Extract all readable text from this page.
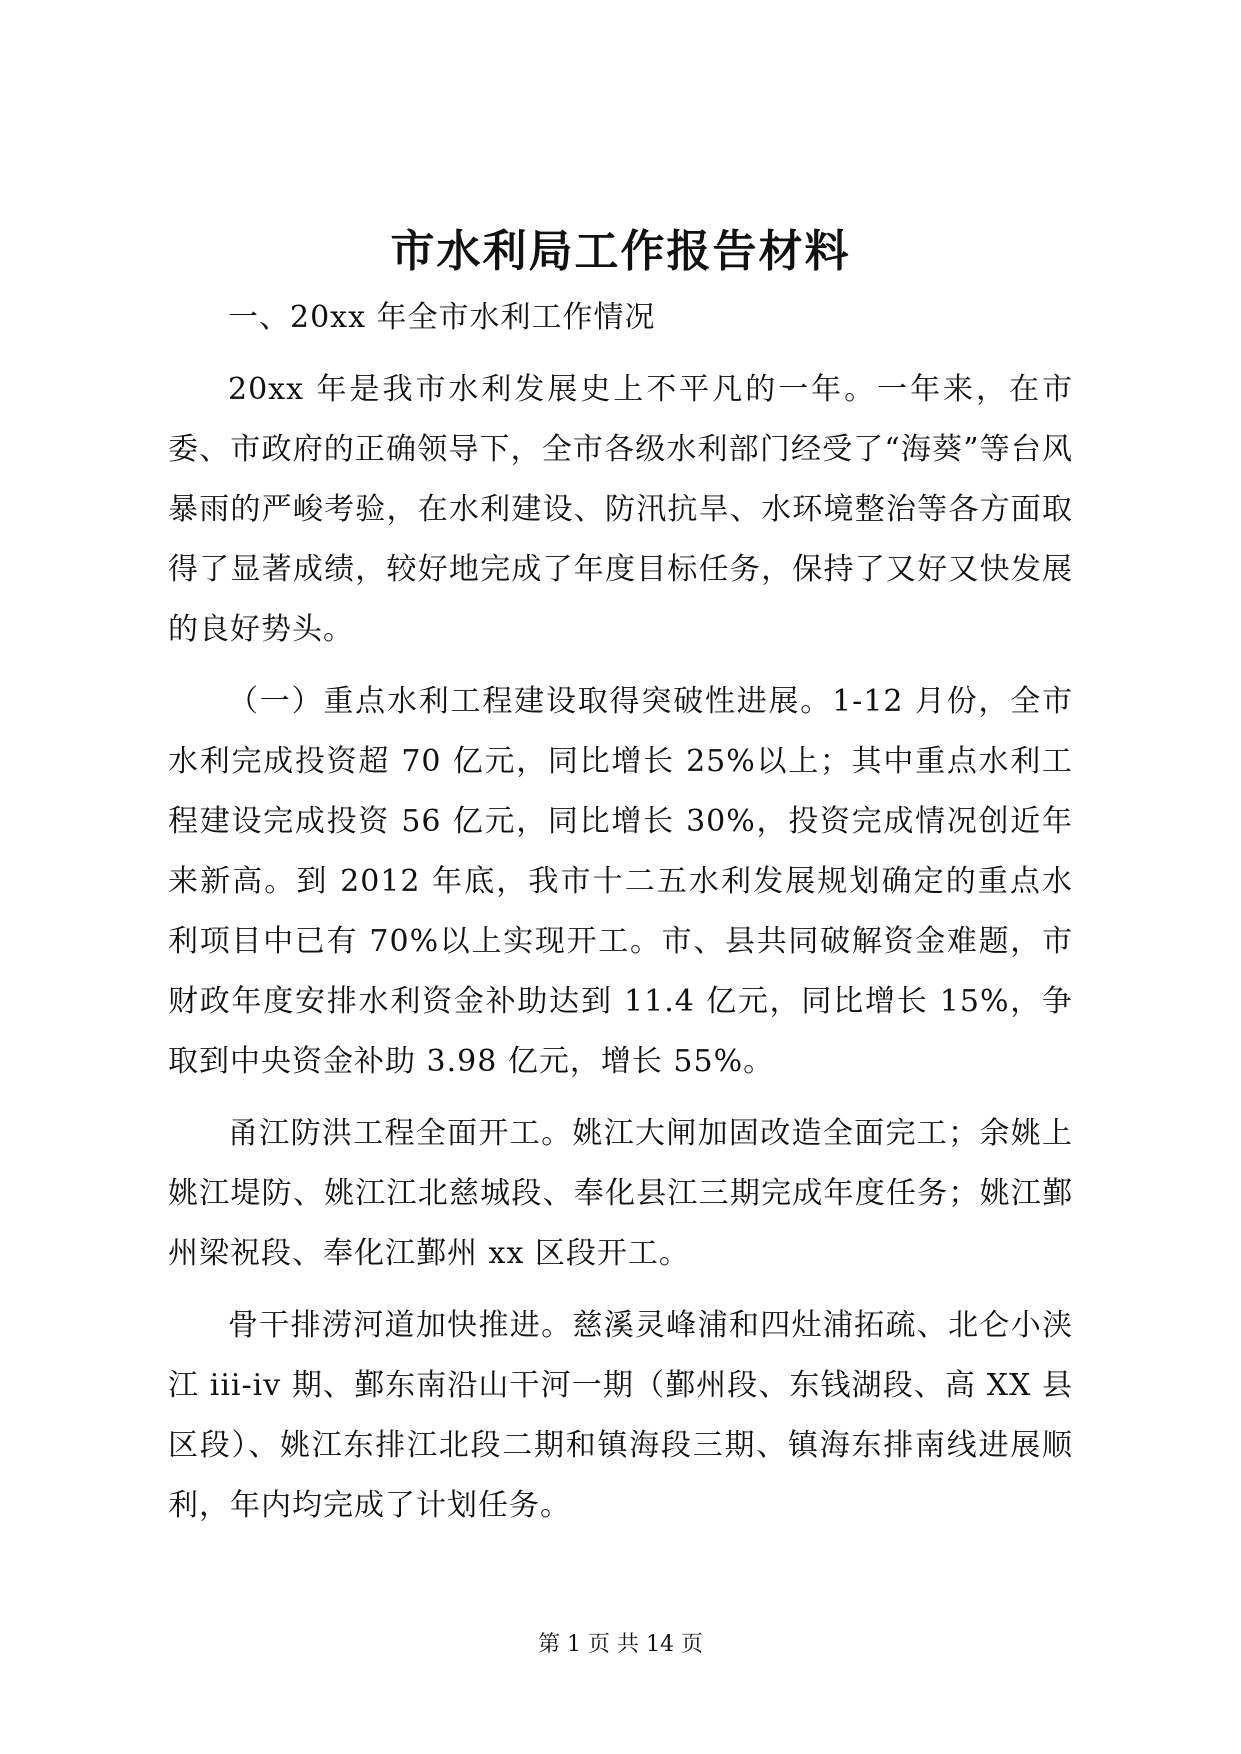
市水利局工作报告材料

一、20xx 年全市水利工作情况

20xx 年是我市水利发展史上不平凡的一年。一年来，在市委、市政府的正确领导下，全市各级水利部门经受了“海葵”等台风暴雨的严峻考验，在水利建设、防汛抗旱、水环境整治等各方面取得了显著成绩，较好地完成了年度目标任务，保持了又好又快发展的良好势头。

（一）重点水利工程建设取得突破性进展。1-12 月份，全市水利完成投资超 70 亿元，同比增长 25%以上；其中重点水利工程建设完成投资 56 亿元，同比增长 30%，投资完成情况创近年来新高。到 2012 年底，我市十二五水利发展规划确定的重点水利项目中已有 70%以上实现开工。市、县共同破解资金难题，市财政年度安排水利资金补助达到 11.4 亿元，同比增长 15%，争取到中央资金补助 3.98 亿元，增长 55%。

甬江防洪工程全面开工。姚江大闸加固改造全面完工；余姚上姚江堤防、姚江江北慈城段、奉化县江三期完成年度任务；姚江鄞州梁祝段、奉化江鄞州 xx 区段开工。

骨干排涝河道加快推进。慈溪灵峰浦和四灶浦拓疏、北仑小浃江 iii-iv 期、鄞东南沿山干河一期（鄞州段、东钱湖段、高 XX 县区段）、姚江东排江北段二期和镇海段三期、镇海东排南线进展顺利，年内均完成了计划任务。

第 1 页 共 14 页
